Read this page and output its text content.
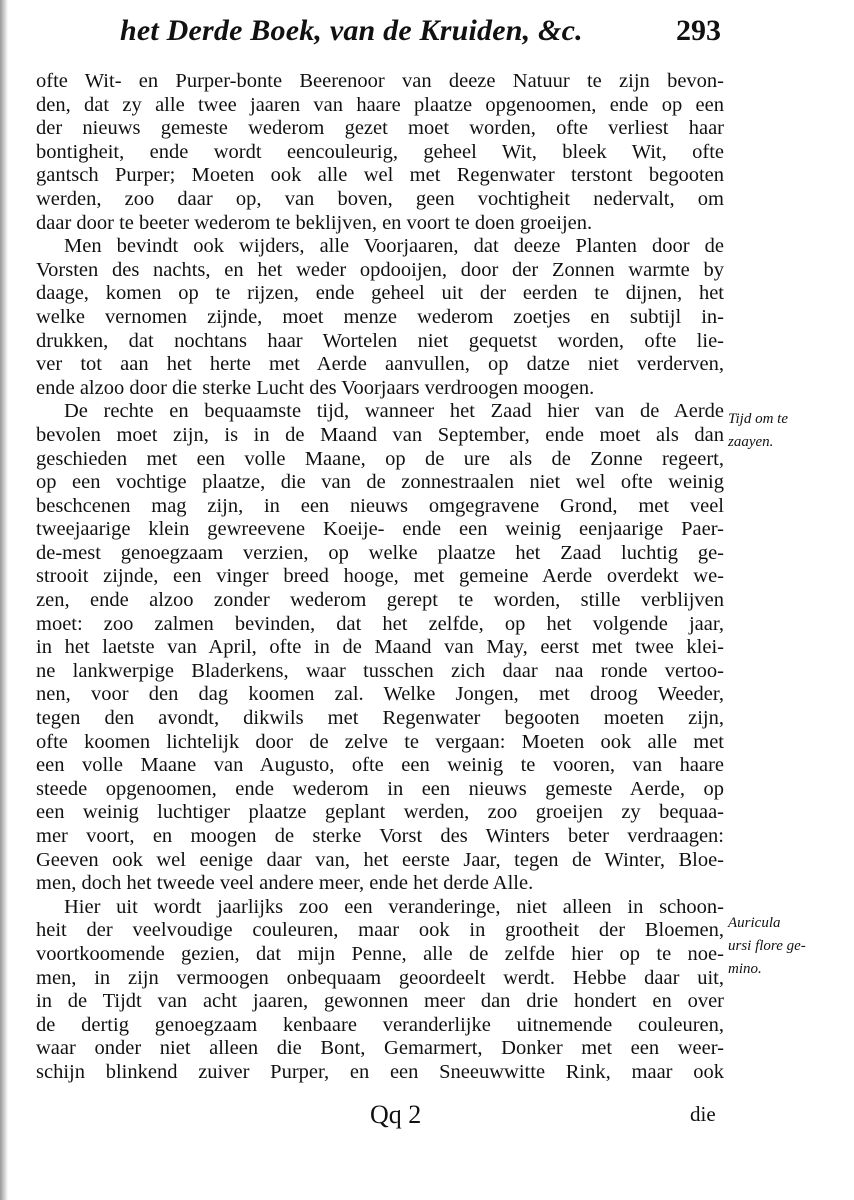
het Derde Boek, van de Kruiden, &c.	293
ofte Wit- en Purper-bonte Beerenoor van deeze Natuur te zijn bevon-
den, dat zy alle twee jaaren van haare plaatze opgenoomen, ende op een
der nieuws gemeste wederom gezet moet worden, ofte verliest haar
bontigheit, ende wordt eencouleurig, geheel Wit, bleek Wit, ofte
gantsch Purper; Moeten ook alle wel met Regenwater terstont begooten
werden, zoo daar op, van boven, geen vochtigheit nedervalt, om
daar door te beeter wederom te beklijven, en voort te doen groeijen.
Men bevindt ook wijders, alle Voorjaaren, dat deeze Planten door de
Vorsten des nachts, en het weder opdooijen, door der Zonnen warmte by
daage, komen op te rijzen, ende geheel uit der eerden te dijnen, het
welke vernomen zijnde, moet menze wederom zoetjes en subtijl in-
drukken, dat nochtans haar Wortelen niet gequetst worden, ofte lie-
ver tot aan het herte met Aerde aanvullen, op datze niet verderven,
ende alzoo door die sterke Lucht des Voorjaars verdroogen moogen.
De rechte en bequaamste tijd, wanneer het Zaad hier van de Aerde
bevolen moet zijn, is in de Maand van September, ende moet als dan
geschieden met een volle Maane, op de ure als de Zonne regeert,
op een vochtige plaatze, die van de zonnestraalen niet wel ofte weinig
beschcenen mag zijn, in een nieuws omgegravene Grond, met veel
tweejaarige klein gewreevene Koeije- ende een weinig eenjaarige Paer-
de-mest genoegzaam verzien, op welke plaatze het Zaad luchtig ge-
strooit zijnde, een vinger breed hooge, met gemeine Aerde overdekt we-
zen, ende alzoo zonder wederom gerept te worden, stille verblijven
moet: zoo zalmen bevinden, dat het zelfde, op het volgende jaar,
in het laetste van April, ofte in de Maand van May, eerst met twee klei-
ne lankwerpige Bladerkens, waar tusschen zich daar naa ronde vertoo-
nen, voor den dag koomen zal. Welke Jongen, met droog Weeder,
tegen den avondt, dikwils met Regenwater begooten moeten zijn,
ofte koomen lichtelijk door de zelve te vergaan: Moeten ook alle met
een volle Maane van Augusto, ofte een weinig te vooren, van haare
steede opgenoomen, ende wederom in een nieuws gemeste Aerde, op
een weinig luchtiger plaatze geplant werden, zoo groeijen zy bequaa-
mer voort, en moogen de sterke Vorst des Winters beter verdraagen:
Geeven ook wel eenige daar van, het eerste Jaar, tegen de Winter, Bloe-
men, doch het tweede veel andere meer, ende het derde Alle.
Hier uit wordt jaarlijks zoo een veranderinge, niet alleen in schoon-
heit der veelvoudige couleuren, maar ook in grootheit der Bloemen,
voortkoomende gezien, dat mijn Penne, alle de zelfde hier op te noe-
men, in zijn vermoogen onbequaam geoordeelt werdt. Hebbe daar uit,
in de Tijdt van acht jaaren, gewonnen meer dan drie hondert en over
de dertig genoegzaam kenbaare veranderlijke uitnemende couleuren,
waar onder niet alleen die Bont, Gemarmert, Donker met een weer-
schijn blinkend zuiver Purper, en een Sneeuwwitte Rink, maar ook
Tijd om te
zaayen.
Auricula
ursi flore ge-
mino.
Qq 2	die
